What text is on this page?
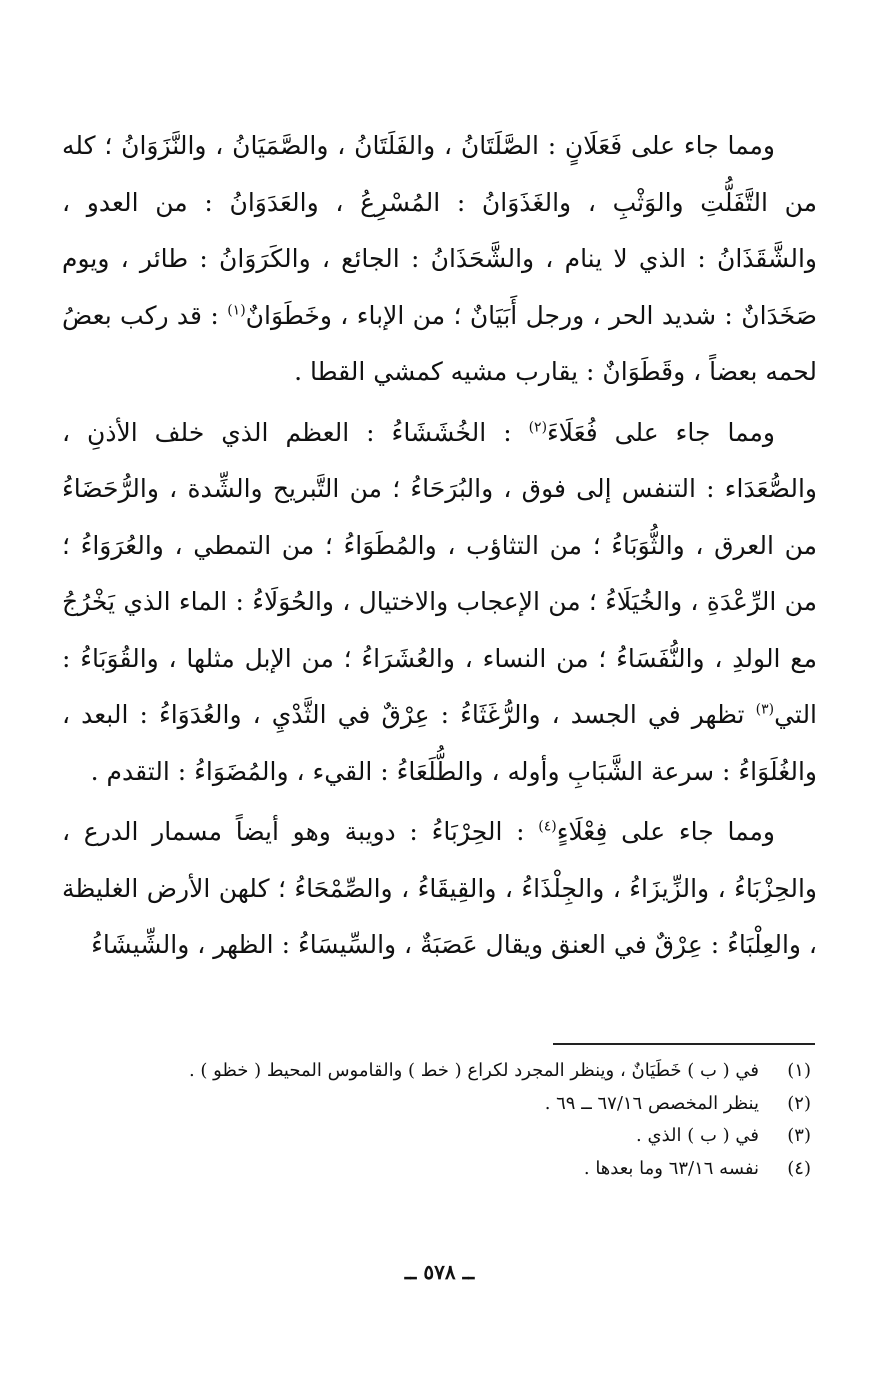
ومما جاء على فَعَلَانٍ : الصَّلَتَانُ ، والفَلَتَانُ ، والصَّمَيَانُ ، والنَّزَوَانُ ؛ كله من التَّفَلُّتِ والوَثْبِ ، والغَذَوَانُ : المُسْرِعُ ، والعَدَوَانُ : من العدو ، والشَّقَذَانُ : الذي لا ينام ، والشَّحَذَانُ : الجائع ، والكَرَوَانُ : طائر ، ويوم صَخَدَانٌ : شديد الحر ، ورجل أَبَيَانٌ ؛ من الإباء ، وخَطَوَانٌ$^{(١)}$ : قد ركب بعضُ لحمه بعضاً ، وقَطَوَانٌ : يقارب مشيه كمشي القطا .

ومما جاء على فُعَلَاءَ$^{(٢)}$ : الخُشَشَاءُ : العظم الذي خلف الأذنِ ، والصُّعَدَاء : التنفس إلى فوق ، والبُرَحَاءُ ؛ من التَّبريح والشِّدة ، والرُّحَضَاءُ من العرق ، والثُّوَبَاءُ ؛ من التثاؤب ، والمُطَوَاءُ ؛ من التمطي ، والعُرَوَاءُ ؛ من الرِّعْدَةِ ، والخُيَلَاءُ ؛ من الإعجاب والاختيال ، والحُوَلَاءُ : الماء الذي يَخْرُجُ مع الولدِ ، والنُّفَسَاءُ ؛ من النساء ، والعُشَرَاءُ ؛ من الإبل مثلها ، والقُوَبَاءُ : التي$^{(٣)}$ تظهر في الجسد ، والرُّغَثَاءُ : عِرْقٌ في الثَّدْيِ ، والعُدَوَاءُ : البعد ، والغُلَوَاءُ : سرعة الشَّبَابِ وأوله ، والطُّلَعَاءُ : القيء ، والمُضَوَاءُ : التقدم .

ومما جاء على فِعْلَاءٍ$^{(٤)}$ : الحِرْبَاءُ : دويبة وهو أيضاً مسمار الدرع ، والحِزْبَاءُ ، والزِّيزَاءُ ، والجِلْذَاءُ ، والقِيقَاءُ ، والصِّمْحَاءُ ؛ كلهن الأرض الغليظة ، والعِلْبَاءُ : عِرْقٌ في العنق ويقال عَصَبَةٌ ، والسِّيسَاءُ : الظهر ، والشِّيشَاءُ

(١)
في ( ب ) خَطَيَانٌ ، وينظر المجرد لكراع ( خط ) والقاموس المحيط ( خظو ) .
(٢)
ينظر المخصص ٦٧/١٦ ــ ٦٩ .
(٣)
في ( ب ) الذي .
(٤)
نفسه ٦٣/١٦ وما بعدها .
ــ ٥٧٨ ــ
